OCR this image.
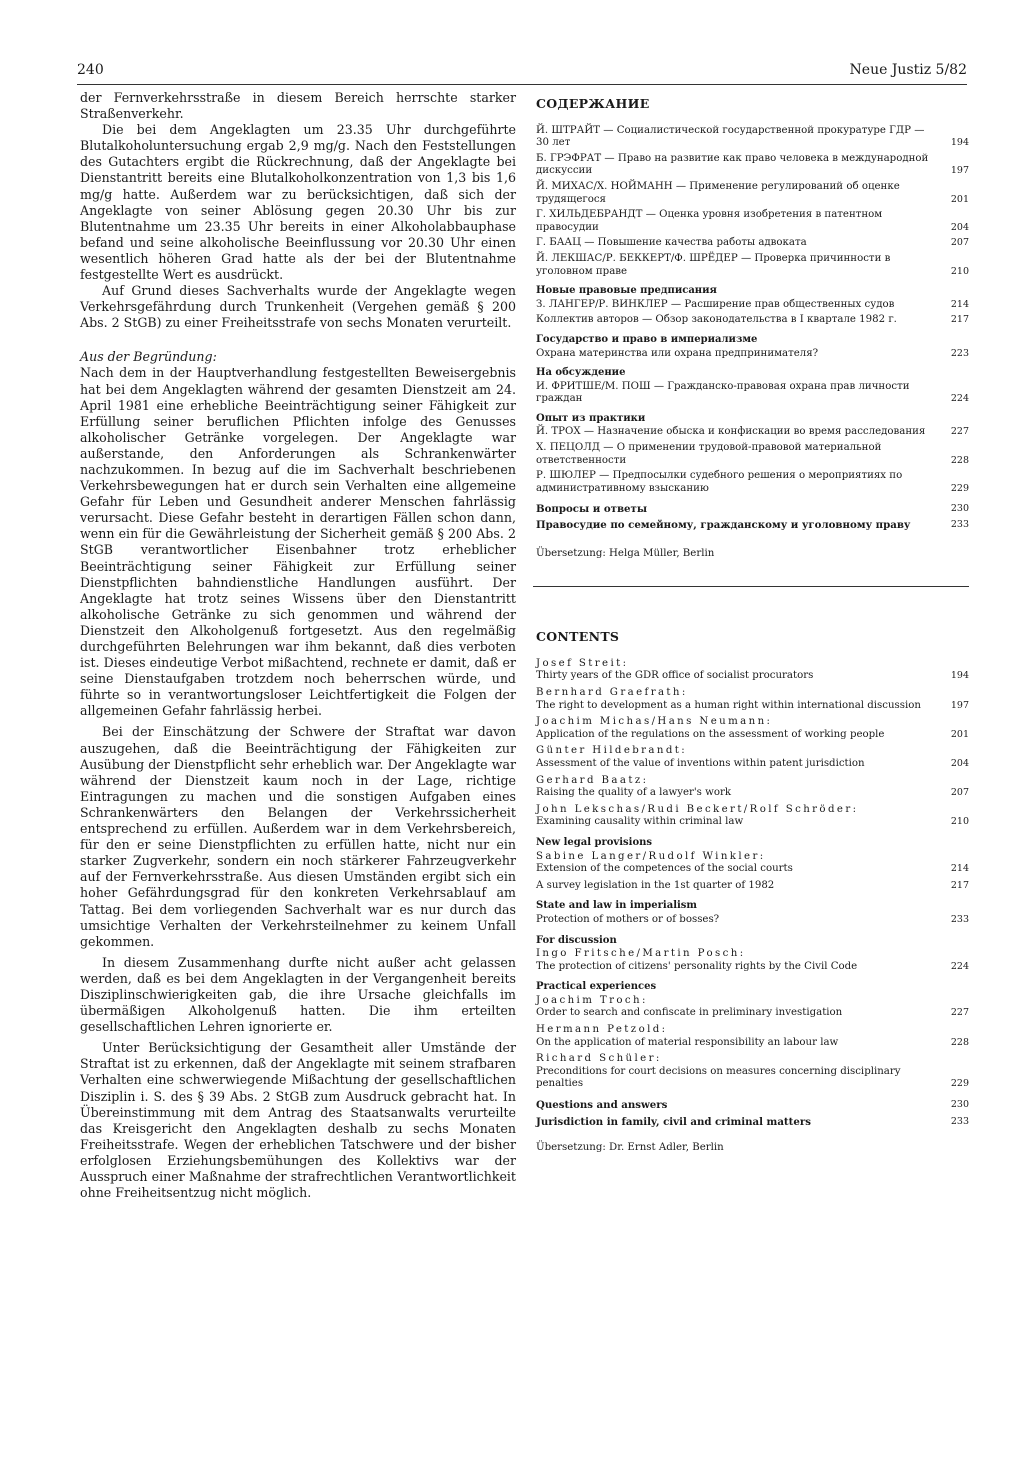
240	Neue Justiz 5/82

der Fernverkehrsstraße in diesem Bereich herrschte starker Straßenverkehr.

Die bei dem Angeklagten um 23.35 Uhr durchgeführte Blutalkoholuntersuchung ergab 2,9 mg/g. Nach den Feststellungen des Gutachters ergibt die Rückrechnung, daß der Angeklagte bei Dienstantritt bereits eine Blutalkoholkonzentration von 1,3 bis 1,6 mg/g hatte. Außerdem war zu berücksichtigen, daß sich der Angeklagte von seiner Ablösung gegen 20.30 Uhr bis zur Blutentnahme um 23.35 Uhr bereits in einer Alkoholabbauphase befand und seine alkoholische Beeinflussung vor 20.30 Uhr einen wesentlich höheren Grad hatte als der bei der Blutentnahme festgestellte Wert es ausdrückt.

Auf Grund dieses Sachverhalts wurde der Angeklagte wegen Verkehrsgefährdung durch Trunkenheit (Vergehen gemäß § 200 Abs. 2 StGB) zu einer Freiheitsstrafe von sechs Monaten verurteilt.

Aus der Begründung:

Nach dem in der Hauptverhandlung festgestellten Beweisergebnis hat bei dem Angeklagten während der gesamten Dienstzeit am 24. April 1981 eine erhebliche Beeinträchtigung seiner Fähigkeit zur Erfüllung seiner beruflichen Pflichten infolge des Genusses alkoholischer Getränke vorgelegen. Der Angeklagte war außerstande, den Anforderungen als Schrankenwärter nachzukommen. In bezug auf die im Sachverhalt beschriebenen Verkehrsbewegungen hat er durch sein Verhalten eine allgemeine Gefahr für Leben und Gesundheit anderer Menschen fahrlässig verursacht. Diese Gefahr besteht in derartigen Fällen schon dann, wenn ein für die Gewährleistung der Sicherheit gemäß § 200 Abs. 2 StGB verantwortlicher Eisenbahner trotz erheblicher Beeinträchtigung seiner Fähigkeit zur Erfüllung seiner Dienstpflichten bahndienstliche Handlungen ausführt. Der Angeklagte hat trotz seines Wissens über den Dienstantritt alkoholische Getränke zu sich genommen und während der Dienstzeit den Alkoholgenuß fortgesetzt. Aus den regelmäßig durchgeführten Belehrungen war ihm bekannt, daß dies verboten ist. Dieses eindeutige Verbot mißachtend, rechnete er damit, daß er seine Dienstaufgaben trotzdem noch beherrschen würde, und führte so in verantwortungsloser Leichtfertigkeit die Folgen der allgemeinen Gefahr fahrlässig herbei.

Bei der Einschätzung der Schwere der Straftat war davon auszugehen, daß die Beeinträchtigung der Fähigkeiten zur Ausübung der Dienstpflicht sehr erheblich war. Der Angeklagte war während der Dienstzeit kaum noch in der Lage, richtige Eintragungen zu machen und die sonstigen Aufgaben eines Schrankenwärters den Belangen der Verkehrssicherheit entsprechend zu erfüllen. Außerdem war in dem Verkehrsbereich, für den er seine Dienstpflichten zu erfüllen hatte, nicht nur ein starker Zugverkehr, sondern ein noch stärkerer Fahrzeugverkehr auf der Fernverkehrsstraße. Aus diesen Umständen ergibt sich ein hoher Gefährdungsgrad für den konkreten Verkehrsablauf am Tattag. Bei dem vorliegenden Sachverhalt war es nur durch das umsichtige Verhalten der Verkehrsteilnehmer zu keinem Unfall gekommen.

In diesem Zusammenhang durfte nicht außer acht gelassen werden, daß es bei dem Angeklagten in der Vergangenheit bereits Disziplinschwierigkeiten gab, die ihre Ursache gleichfalls im übermäßigen Alkoholgenuß hatten. Die ihm erteilten gesellschaftlichen Lehren ignorierte er.

Unter Berücksichtigung der Gesamtheit aller Umstände der Straftat ist zu erkennen, daß der Angeklagte mit seinem strafbaren Verhalten eine schwerwiegende Mißachtung der gesellschaftlichen Disziplin i. S. des § 39 Abs. 2 StGB zum Ausdruck gebracht hat. In Übereinstimmung mit dem Antrag des Staatsanwalts verurteilte das Kreisgericht den Angeklagten deshalb zu sechs Monaten Freiheitsstrafe. Wegen der erheblichen Tatschwere und der bisher erfolglosen Erziehungsbemühungen des Kollektivs war der Ausspruch einer Maßnahme der strafrechtlichen Verantwortlichkeit ohne Freiheitsentzug nicht möglich.

СОДЕРЖАНИЕ
Й. ШТРАЙТ — Социалистической государственной прокуратуре ГДР — 30 лет	194
Б. ГРЭФРАТ — Право на развитие как право человека в международной дискуссии	197
Й. МИХАС/Х. НОЙМАНН — Применение регулирований об оценке трудящегося	201
Г. ХИЛЬДЕБРАНДТ — Оценка уровня изобретения в патентном правосудии	204
Г. БААЦ — Повышение качества работы адвоката	207
Й. ЛЕКШАС/Р. БЕККЕРТ/Ф. ШРЁДЕР — Проверка причинности в уголовном праве	210
Новые правовые предписания
З. ЛАНГЕР/Р. ВИНКЛЕР — Расширение прав общественных судов	214
Коллектив авторов — Обзор законодательства в I квартале 1982 г.	217
Государство и право в империализме
Охрана материнства или охрана предпринимателя?	223
На обсуждение
И. ФРИТШЕ/М. ПОШ — Гражданско-правовая охрана прав личности граждан	224
Опыт из практики
Й. ТРОХ — Назначение обыска и конфискации во время расследования	227
Х. ПЕЦОЛД — О применении трудовой-правовой материальной ответственности	228
Р. ШЮЛЕР — Предпосылки судебного решения о мероприятиях по административному взысканию	229
Вопросы и ответы	230
Правосудие по семейному, гражданскому и уголовному праву	233
Übersetzung: Helga Müller, Berlin
CONTENTS
Josef Streit:
Thirty years of the GDR office of socialist procurators	194
Bernhard Graefrath:
The right to development as a human right within international discussion	197
Joachim Michas/Hans Neumann:
Application of the regulations on the assessment of working people	201
Günter Hildebrandt:
Assessment of the value of inventions within patent jurisdiction	204
Gerhard Baatz:
Raising the quality of a lawyer's work	207
John Lekschas/Rudi Beckert/Rolf Schröder:
Examining causality within criminal law	210
New legal provisions
Sabine Langer/Rudolf Winkler:
Extension of the competences of the social courts	214
A survey legislation in the 1st quarter of 1982	217
State and law in imperialism
Protection of mothers or of bosses?	233
For discussion
Ingo Fritsche/Martin Posch:
The protection of citizens' personality rights by the Civil Code	224
Practical experiences
Joachim Troch:
Order to search and confiscate in preliminary investigation	227
Hermann Petzold:
On the application of material responsibility an labour law	228
Richard Schüler:
Preconditions for court decisions on measures concerning disciplinary penalties	229
Questions and answers	230
Jurisdiction in family, civil and criminal matters	233
Übersetzung: Dr. Ernst Adler, Berlin
